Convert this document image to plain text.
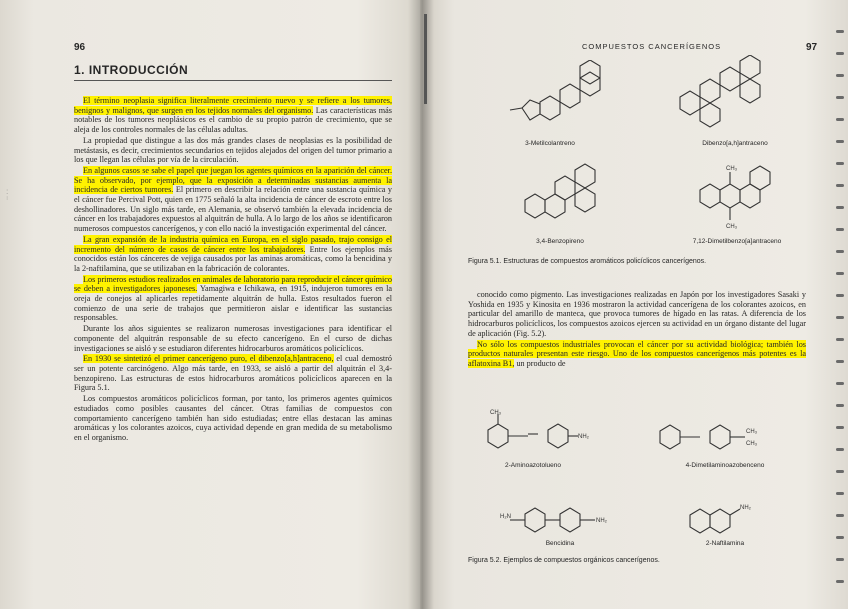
96
1. INTRODUCCIÓN

El término neoplasia significa literalmente crecimiento nuevo y se refiere a los tumores, benignos y malignos, que surgen en los tejidos normales del organismo. Las características más notables de los tumores neoplásicos es el cambio de su propio patrón de crecimiento, que se aleja de los controles normales de las células adultas.

La propiedad que distingue a las dos más grandes clases de neoplasias es la posibilidad de metástasis, es decir, crecimientos secundarios en tejidos alejados del origen del tumor primario a los que llegan las células por vía de la circulación.

En algunos casos se sabe el papel que juegan los agentes químicos en la aparición del cáncer. Se ha observado, por ejemplo, que la exposición a determinadas sustancias aumenta la incidencia de ciertos tumores. El primero en describir la relación entre una sustancia química y el cáncer fue Percival Pott, quien en 1775 señaló la alta incidencia de cáncer de escroto entre los deshollinadores. Un siglo más tarde, en Alemania, se observó también la elevada incidencia de cáncer en los trabajadores expuestos al alquitrán de hulla. A lo largo de los años se identificaron numerosos compuestos cancerígenos, y con ello nació la investigación experimental del cáncer.

La gran expansión de la industria química en Europa, en el siglo pasado, trajo consigo el incremento del número de casos de cáncer entre los trabajadores. Entre los ejemplos más conocidos están los cánceres de vejiga causados por las aminas aromáticas, como la bencidina y la 2-naftilamina, que se utilizaban en la fabricación de colorantes.

Los primeros estudios realizados en animales de laboratorio para reproducir el cáncer químico se deben a investigadores japoneses. Yamagiwa e Ichikawa, en 1915, indujeron tumores en la oreja de conejos al aplicarles repetidamente alquitrán de hulla. Estos resultados fueron el comienzo de una serie de trabajos que permitieron aislar e identificar las sustancias responsables.

Durante los años siguientes se realizaron numerosas investigaciones para identificar el componente del alquitrán responsable de su efecto cancerígeno. En el curso de dichas investigaciones se aisló y se estudiaron diferentes hidrocarburos aromáticos policíclicos.

En 1930 se sintetizó el primer cancerígeno puro, el dibenzo[a,h]antraceno, el cual demostró ser un potente carcinógeno. Algo más tarde, en 1933, se aisló a partir del alquitrán el 3,4-benzopireno. Las estructuras de estos hidrocarburos aromáticos policíclicos aparecen en la Figura 5.1.

Los compuestos aromáticos policíclicos forman, por tanto, los primeros agentes químicos estudiados como posibles causantes del cáncer. Otras familias de compuestos con comportamiento cancerígeno también han sido estudiadas; entre ellas destacan las aminas aromáticas y los colorantes azoicos, cuya actividad depende en gran medida de su metabolismo en el organismo.

·· · ·
97
COMPUESTOS CANCERÍGENOS
3-Metilcolantreno	Dibenzo[a,h]antraceno
3,4-Benzopireno
CH₃
CH₃
7,12-Dimetilbenzo[a]antraceno
Figura 5.1. Estructuras de compuestos aromáticos policíclicos cancerígenos.

conocido como pigmento. Las investigaciones realizadas en Japón por los investigadores Sasaki y Yoshida en 1935 y Kinosita en 1936 mostraron la actividad cancerígena de los colorantes azoicos, en particular del amarillo de manteca, que provoca tumores de hígado en las ratas. A diferencia de los hidrocarburos policíclicos, los compuestos azoicos ejercen su actividad en un órgano distante del lugar de aplicación (Fig. 5.2).

No sólo los compuestos industriales provocan el cáncer por su actividad biológica; también los productos naturales presentan este riesgo. Uno de los compuestos cancerígenos más potentes es la aflatoxina B1, un producto de

CH₃
NH₂
2-Aminoazotolueno
CH₃
CH₃
4-Dimetilaminoazobenceno
H₂N
NH₂
Bencidina
NH₂
2-Naftilamina
Figura 5.2. Ejemplos de compuestos orgánicos cancerígenos.
